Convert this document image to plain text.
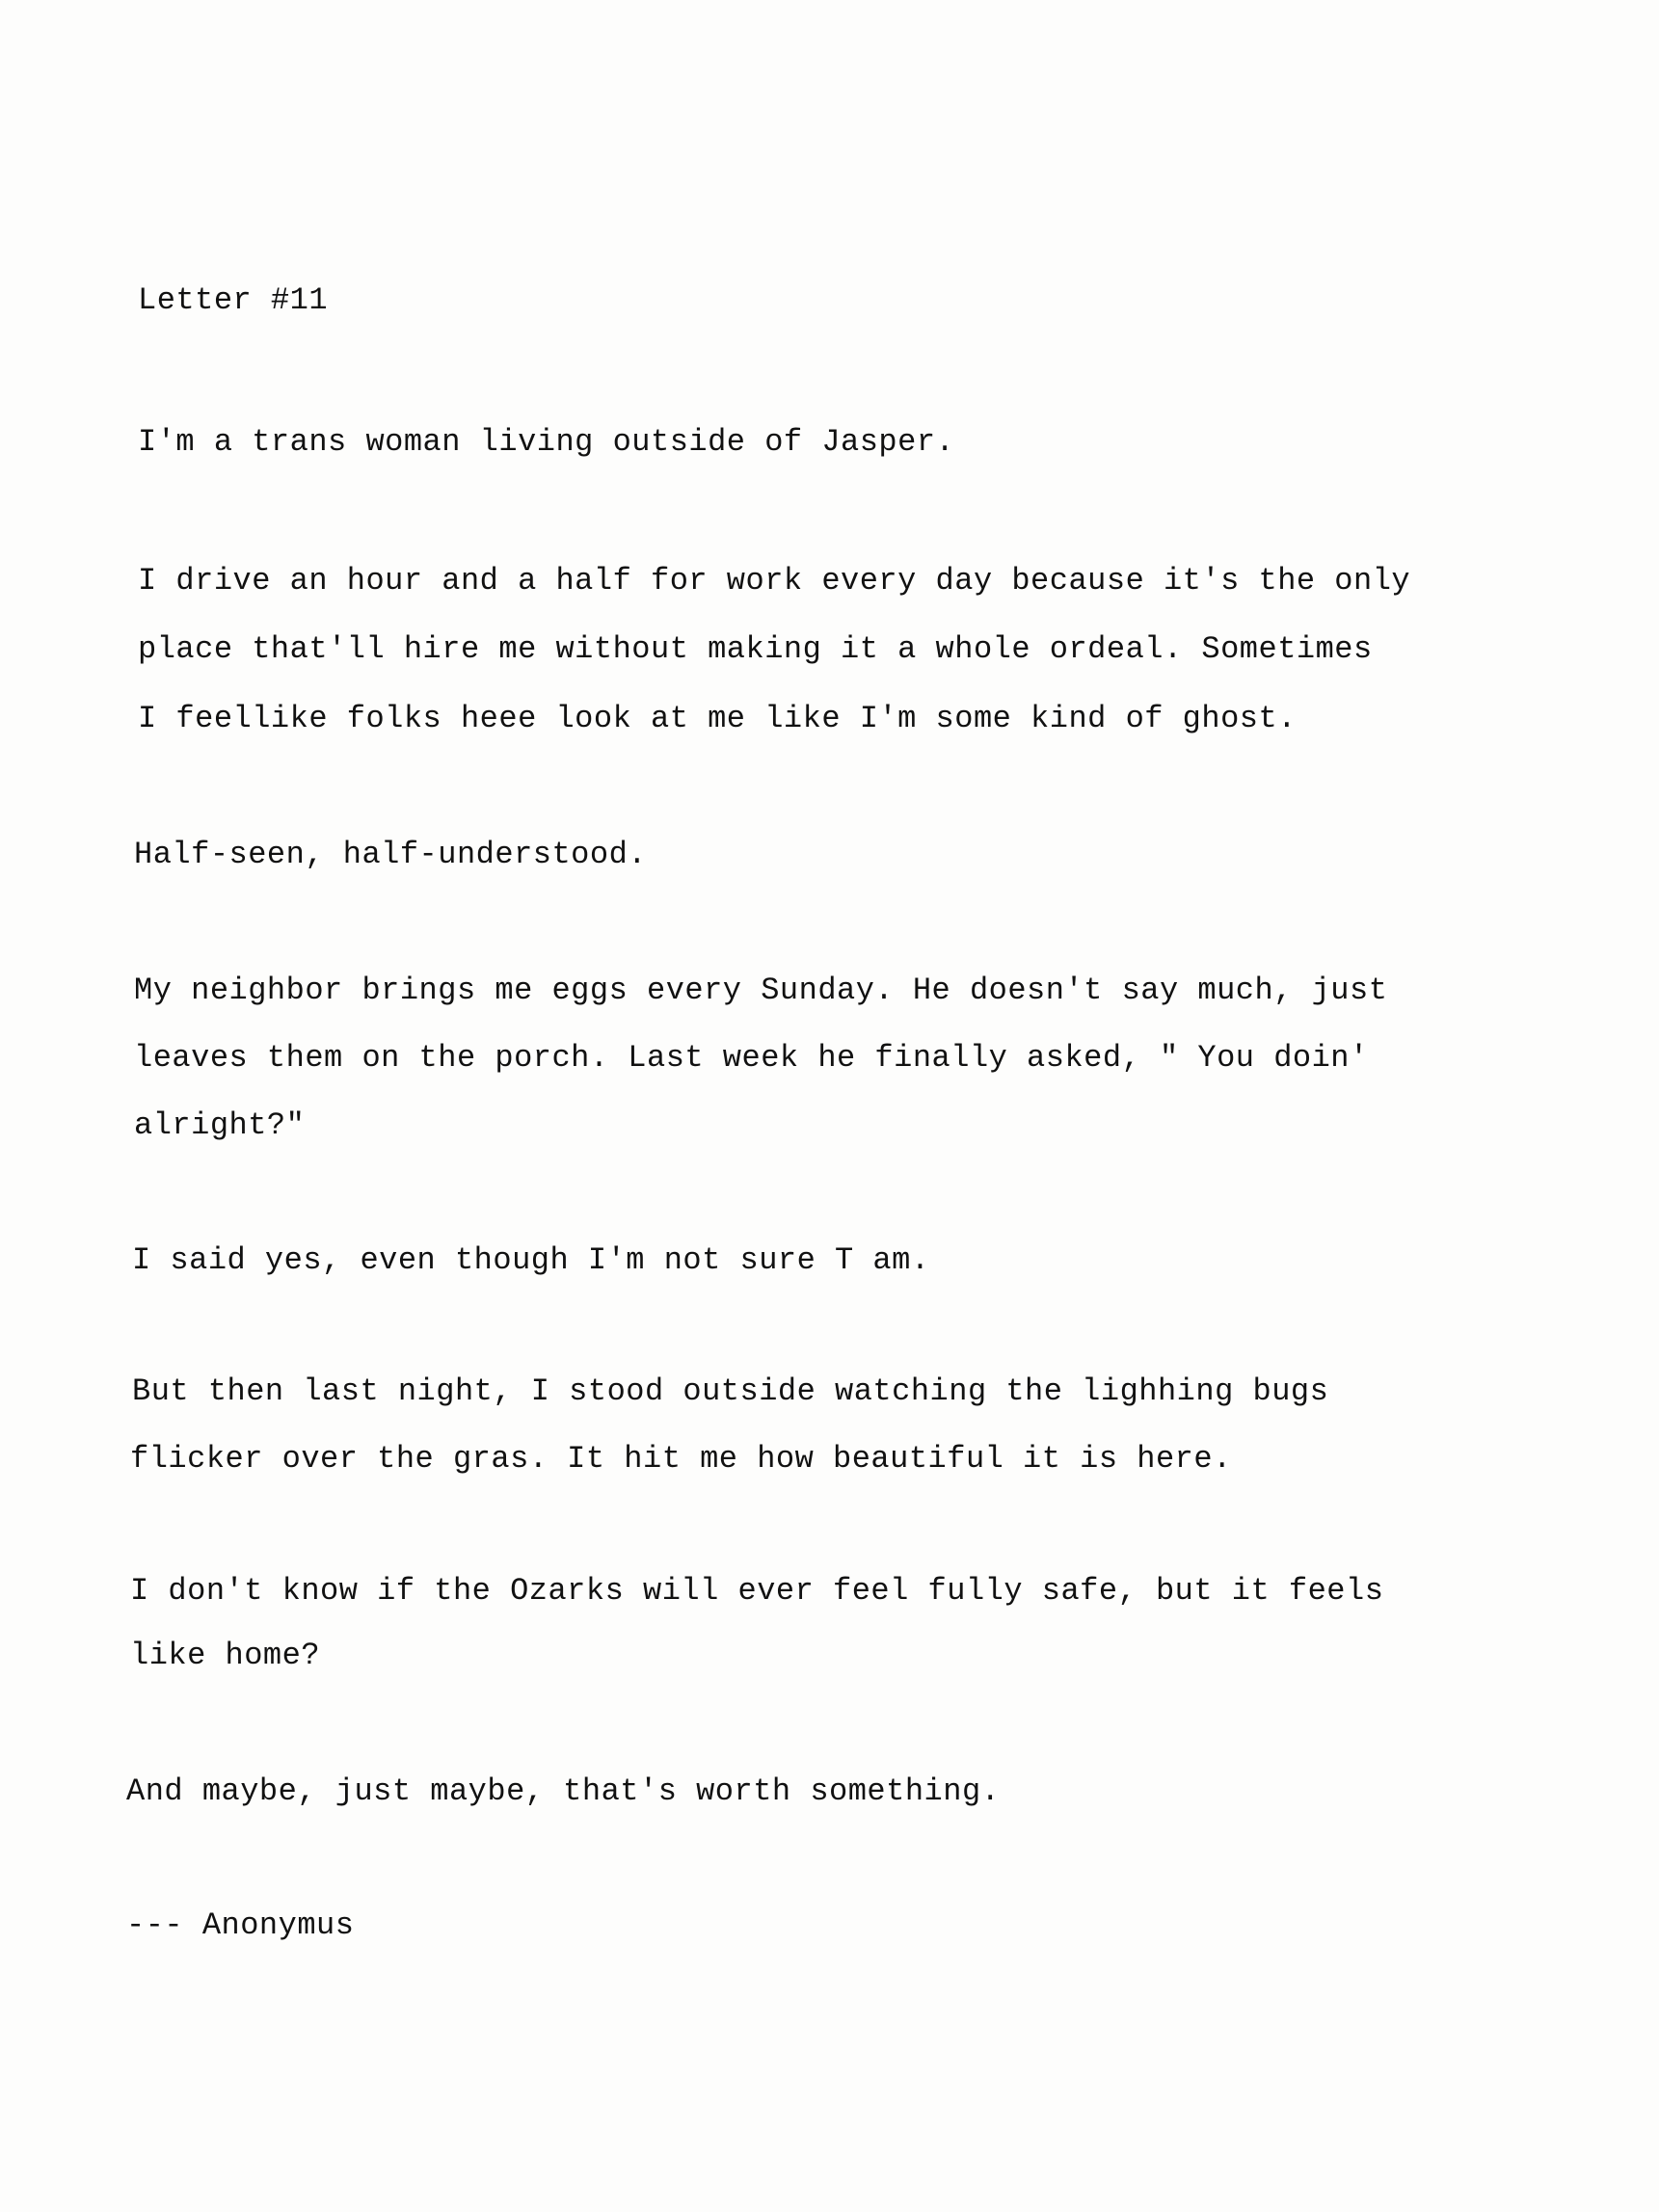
Letter #11
I'm a trans woman living outside of Jasper.
I drive an hour and a half for work every day because it's the only
place that'll hire me without making it a whole ordeal. Sometimes
I feellike folks heee look at me like I'm some kind of ghost.
Half-seen, half-understood.
My neighbor brings me eggs every Sunday. He doesn't say much, just
leaves them on the porch. Last week he finally asked, " You doin'
alright?"
I said yes, even though I'm not sure T am.
But then last night, I stood outside watching the lighhing bugs
flicker over the gras. It hit me how beautiful it is here.
I don't know if the Ozarks will ever feel fully safe, but it feels
like home?
And maybe, just maybe, that's worth something.
--- Anonymus
